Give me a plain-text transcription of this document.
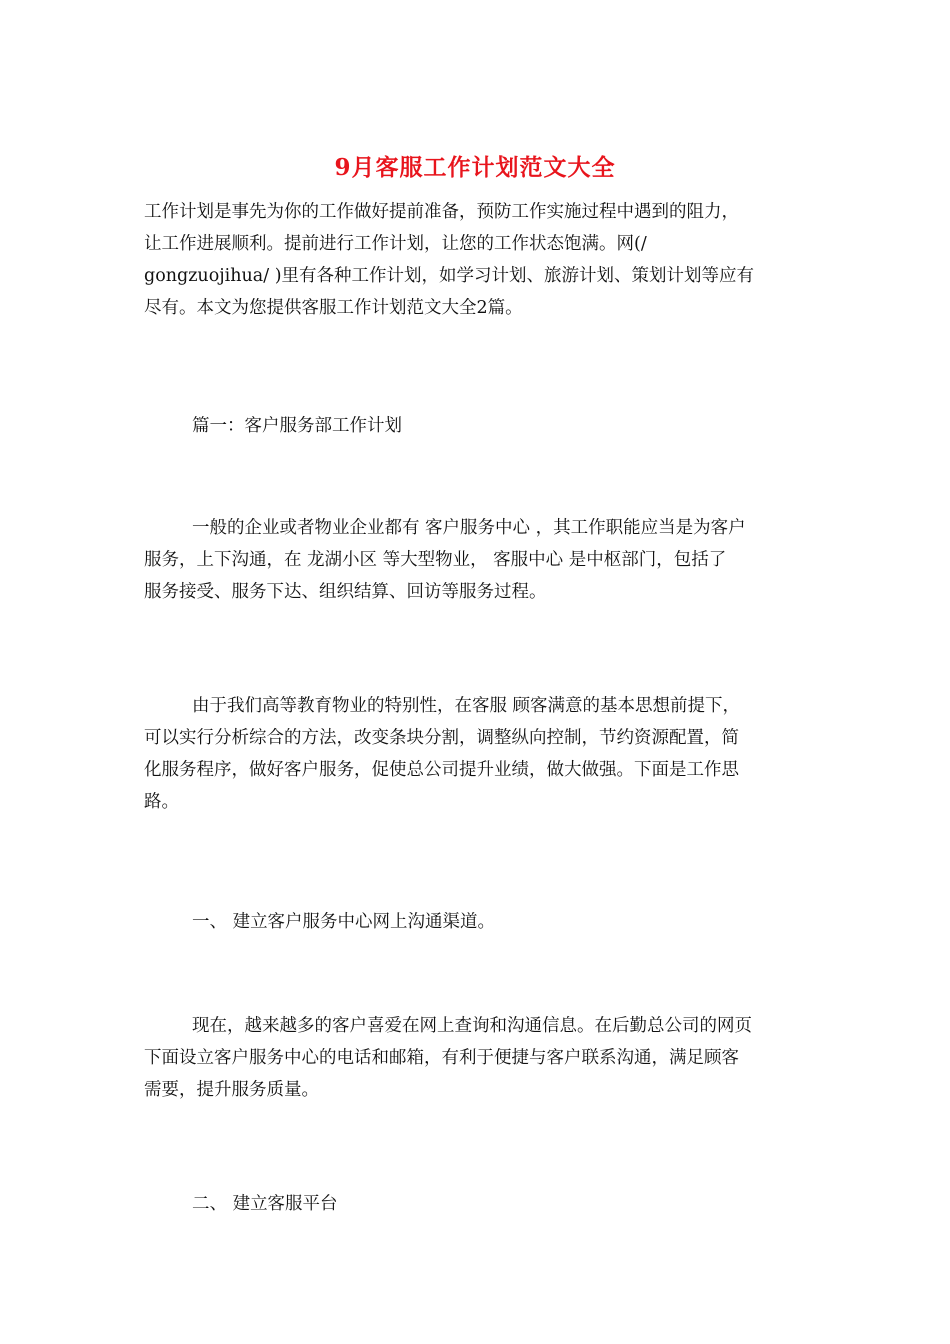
9月客服工作计划范文大全
工作计划是事先为你的工作做好提前准备，预防工作实施过程中遇到的阻力，
让工作进展顺利。提前进行工作计划，让您的工作状态饱满。网(/
gongzuojihua/ )里有各种工作计划，如学习计划、旅游计划、策划计划等应有
尽有。本文为您提供客服工作计划范文大全2篇。
篇一：客户服务部工作计划
一般的企业或者物业企业都有 客户服务中心 ，其工作职能应当是为客户
服务，上下沟通，在 龙湖小区 等大型物业， 客服中心 是中枢部门，包括了
服务接受、服务下达、组织结算、回访等服务过程。
由于我们高等教育物业的特别性，在客服 顾客满意的基本思想前提下，
可以实行分析综合的方法，改变条块分割，调整纵向控制，节约资源配置，简
化服务程序，做好客户服务，促使总公司提升业绩，做大做强。下面是工作思
路。
一、 建立客户服务中心网上沟通渠道。
现在，越来越多的客户喜爱在网上查询和沟通信息。在后勤总公司的网页
下面设立客户服务中心的电话和邮箱，有利于便捷与客户联系沟通，满足顾客
需要，提升服务质量。
二、 建立客服平台
